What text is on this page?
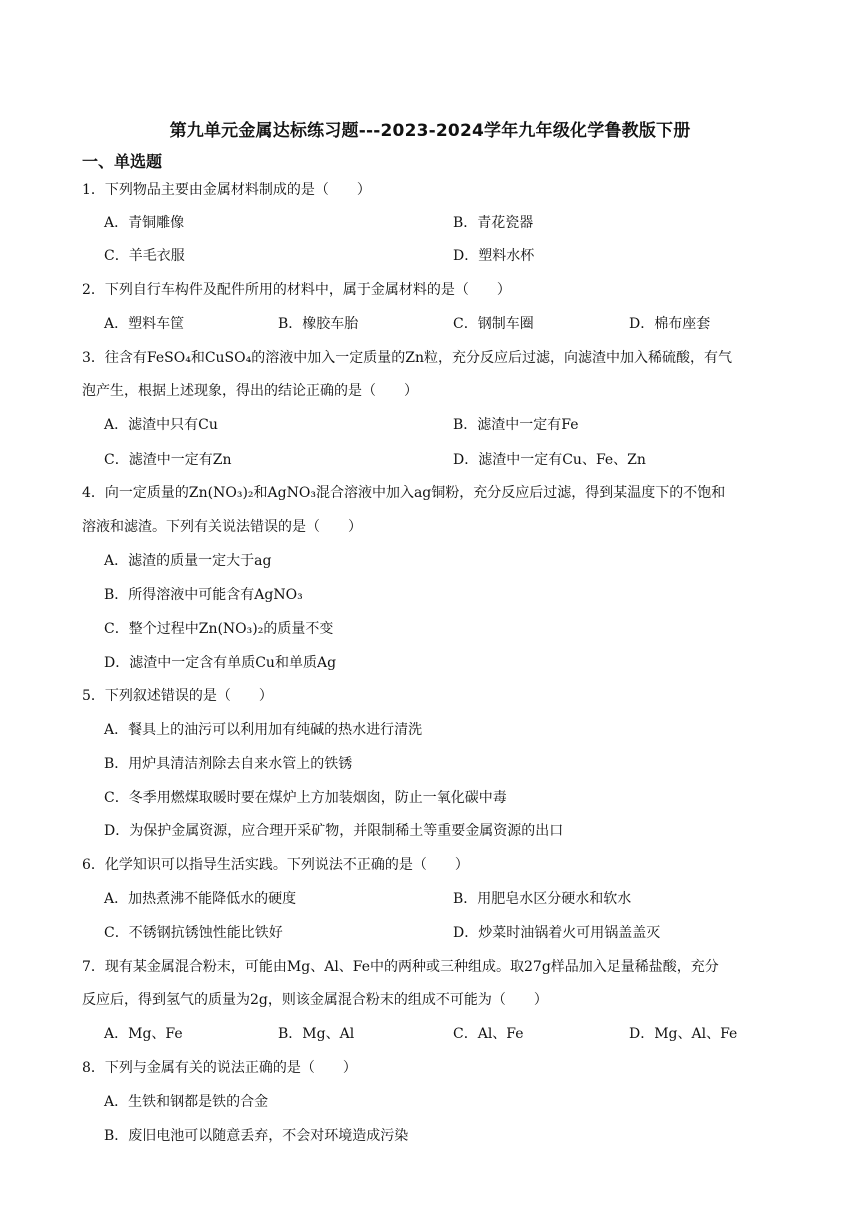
第九单元金属达标练习题---2023-2024学年九年级化学鲁教版下册
一、单选题
1．下列物品主要由金属材料制成的是（　　）
A．青铜雕像	B．青花瓷器
C．羊毛衣服	D．塑料水杯
2．下列自行车构件及配件所用的材料中，属于金属材料的是（　　）
A．塑料车筐	B．橡胶车胎	C．钢制车圈	D．棉布座套
3．往含有FeSO₄和CuSO₄的溶液中加入一定质量的Zn粒，充分反应后过滤，向滤渣中加入稀硫酸，有气
泡产生，根据上述现象，得出的结论正确的是（　　）
A．滤渣中只有Cu	B．滤渣中一定有Fe
C．滤渣中一定有Zn	D．滤渣中一定有Cu、Fe、Zn
4．向一定质量的Zn(NO₃)₂和AgNO₃混合溶液中加入ag铜粉，充分反应后过滤，得到某温度下的不饱和
溶液和滤渣。下列有关说法错误的是（　　）
A．滤渣的质量一定大于ag
B．所得溶液中可能含有AgNO₃
C．整个过程中Zn(NO₃)₂的质量不变
D．滤渣中一定含有单质Cu和单质Ag
5．下列叙述错误的是（　　）
A．餐具上的油污可以利用加有纯碱的热水进行清洗
B．用炉具清洁剂除去自来水管上的铁锈
C．冬季用燃煤取暖时要在煤炉上方加装烟囱，防止一氧化碳中毒
D．为保护金属资源，应合理开采矿物，并限制稀土等重要金属资源的出口
6．化学知识可以指导生活实践。下列说法不正确的是（　　）
A．加热煮沸不能降低水的硬度	B．用肥皂水区分硬水和软水
C．不锈钢抗锈蚀性能比铁好	D．炒菜时油锅着火可用锅盖盖灭
7．现有某金属混合粉末，可能由Mg、Al、Fe中的两种或三种组成。取27g样品加入足量稀盐酸，充分
反应后，得到氢气的质量为2g，则该金属混合粉末的组成不可能为（　　）
A．Mg、Fe	B．Mg、Al	C．Al、Fe	D．Mg、Al、Fe
8．下列与金属有关的说法正确的是（　　）
A．生铁和钢都是铁的合金
B．废旧电池可以随意丢弃，不会对环境造成污染
